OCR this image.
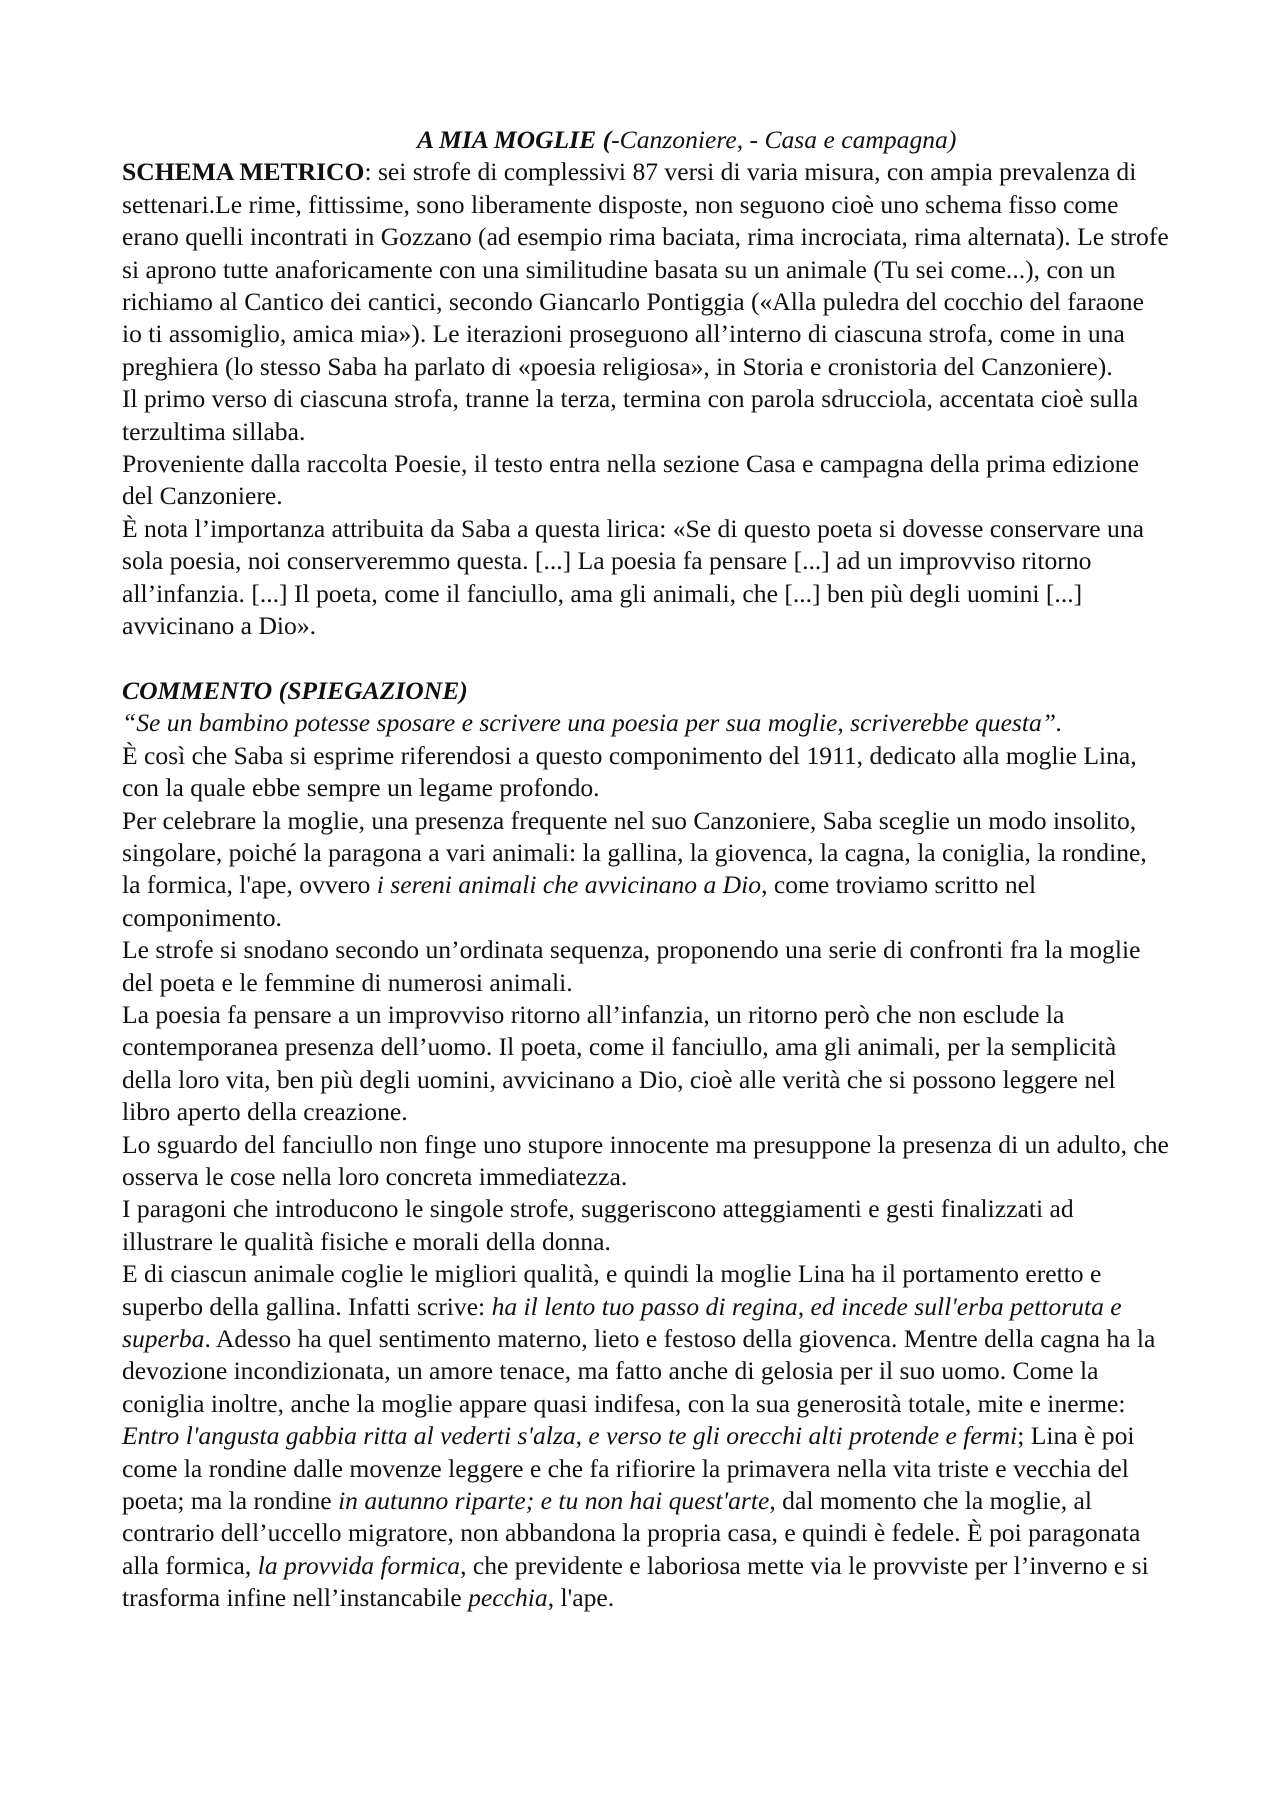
A MIA MOGLIE (-Canzoniere, - Casa e campagna)

SCHEMA METRICO: sei strofe di complessivi 87 versi di varia misura, con ampia prevalenza di settenari.Le rime, fittissime, sono liberamente disposte, non seguono cioè uno schema fisso come erano quelli incontrati in Gozzano (ad esempio rima baciata, rima incrociata, rima alternata). Le strofe si aprono tutte anaforicamente con una similitudine basata su un animale (Tu sei come...), con un richiamo al Cantico dei cantici, secondo Giancarlo Pontiggia («Alla puledra del cocchio del faraone io ti assomiglio, amica mia»). Le iterazioni proseguono all’interno di ciascuna strofa, come in una preghiera (lo stesso Saba ha parlato di «poesia religiosa», in Storia e cronistoria del Canzoniere).

Il primo verso di ciascuna strofa, tranne la terza, termina con parola sdrucciola, accentata cioè sulla terzultima sillaba.

Proveniente dalla raccolta Poesie, il testo entra nella sezione Casa e campagna della prima edizione del Canzoniere.

È nota l’importanza attribuita da Saba a questa lirica: «Se di questo poeta si dovesse conservare una sola poesia, noi conserveremmo questa. [...] La poesia fa pensare [...] ad un improvviso ritorno all’infanzia. [...] Il poeta, come il fanciullo, ama gli animali, che [...] ben più degli uomini [...] avvicinano a Dio».

COMMENTO (SPIEGAZIONE)

“Se un bambino potesse sposare e scrivere una poesia per sua moglie, scriverebbe questa”.

È così che Saba si esprime riferendosi a questo componimento del 1911, dedicato alla moglie Lina, con la quale ebbe sempre un legame profondo.

Per celebrare la moglie, una presenza frequente nel suo Canzoniere, Saba sceglie un modo insolito, singolare, poiché la paragona a vari animali: la gallina, la giovenca, la cagna, la coniglia, la rondine, la formica, l'ape, ovvero i sereni animali che avvicinano a Dio, come troviamo scritto nel componimento.

Le strofe si snodano secondo un’ordinata sequenza, proponendo una serie di confronti fra la moglie del poeta e le femmine di numerosi animali.

La poesia fa pensare a un improvviso ritorno all’infanzia, un ritorno però che non esclude la contemporanea presenza dell’uomo. Il poeta, come il fanciullo, ama gli animali, per la semplicità della loro vita, ben più degli uomini, avvicinano a Dio, cioè alle verità che si possono leggere nel libro aperto della creazione.

Lo sguardo del fanciullo non finge uno stupore innocente ma presuppone la presenza di un adulto, che osserva le cose nella loro concreta immediatezza.

I paragoni che introducono le singole strofe, suggeriscono atteggiamenti e gesti finalizzati ad illustrare le qualità fisiche e morali della donna.

E di ciascun animale coglie le migliori qualità, e quindi la moglie Lina ha il portamento eretto e superbo della gallina. Infatti scrive: ha il lento tuo passo di regina, ed incede sull'erba pettoruta e superba. Adesso ha quel sentimento materno, lieto e festoso della giovenca. Mentre della cagna ha la devozione incondizionata, un amore tenace, ma fatto anche di gelosia per il suo uomo. Come la coniglia inoltre, anche la moglie appare quasi indifesa, con la sua generosità totale, mite e inerme: Entro l'angusta gabbia ritta al vederti s'alza, e verso te gli orecchi alti protende e fermi; Lina è poi come la rondine dalle movenze leggere e che fa rifiorire la primavera nella vita triste e vecchia del poeta; ma la rondine in autunno riparte; e tu non hai quest'arte, dal momento che la moglie, al contrario dell’uccello migratore, non abbandona la propria casa, e quindi è fedele. È poi paragonata alla formica, la provvida formica, che previdente e laboriosa mette via le provviste per l’inverno e si trasforma infine nell’instancabile pecchia, l'ape.
